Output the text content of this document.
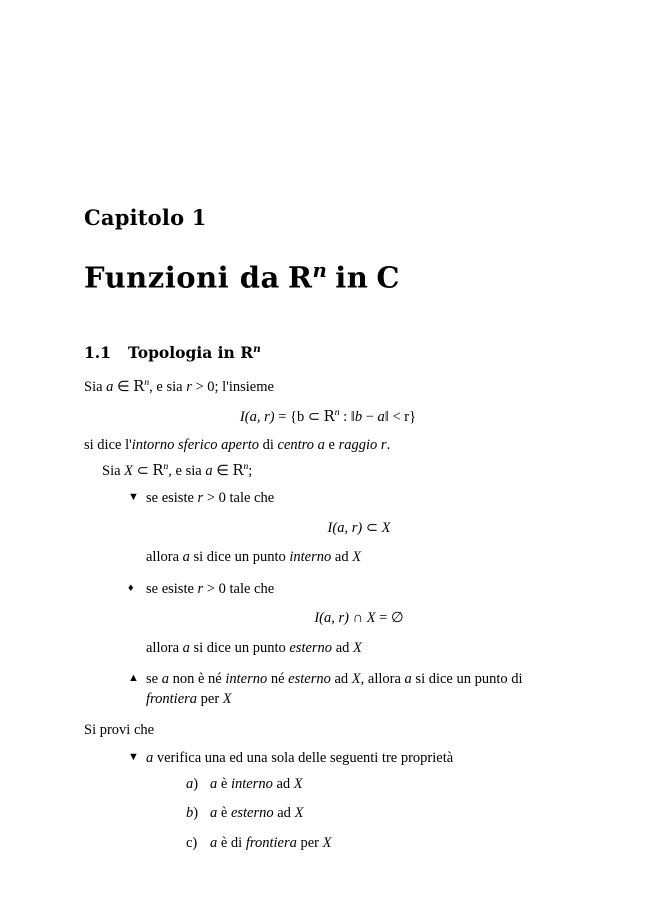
Capitolo 1
Funzioni da $R^n$ in C
1.1 Topologia in $R^n$

Sia a ∈ $R^n$, e sia r > 0; l'insieme

I(a, r) = {b ⊂ $R^n$ : ‖b − a‖ < r}

si dice l'intorno sferico aperto di centro a e raggio r.

Sia X ⊂ $R^n$, e sia a ∈ $R^n$;

▼ se esiste r > 0 tale che
I(a, r) ⊂ X
allora a si dice un punto interno ad X
♦ se esiste r > 0 tale che
I(a, r) ∩ X = ∅
allora a si dice un punto esterno ad X
▲ se a non è né interno né esterno ad X, allora a si dice un punto di frontiera per X

Si provi che

▼ a verifica una ed una sola delle seguenti tre proprietà
a) a è interno ad X
b) a è esterno ad X
c) a è di frontiera per X
